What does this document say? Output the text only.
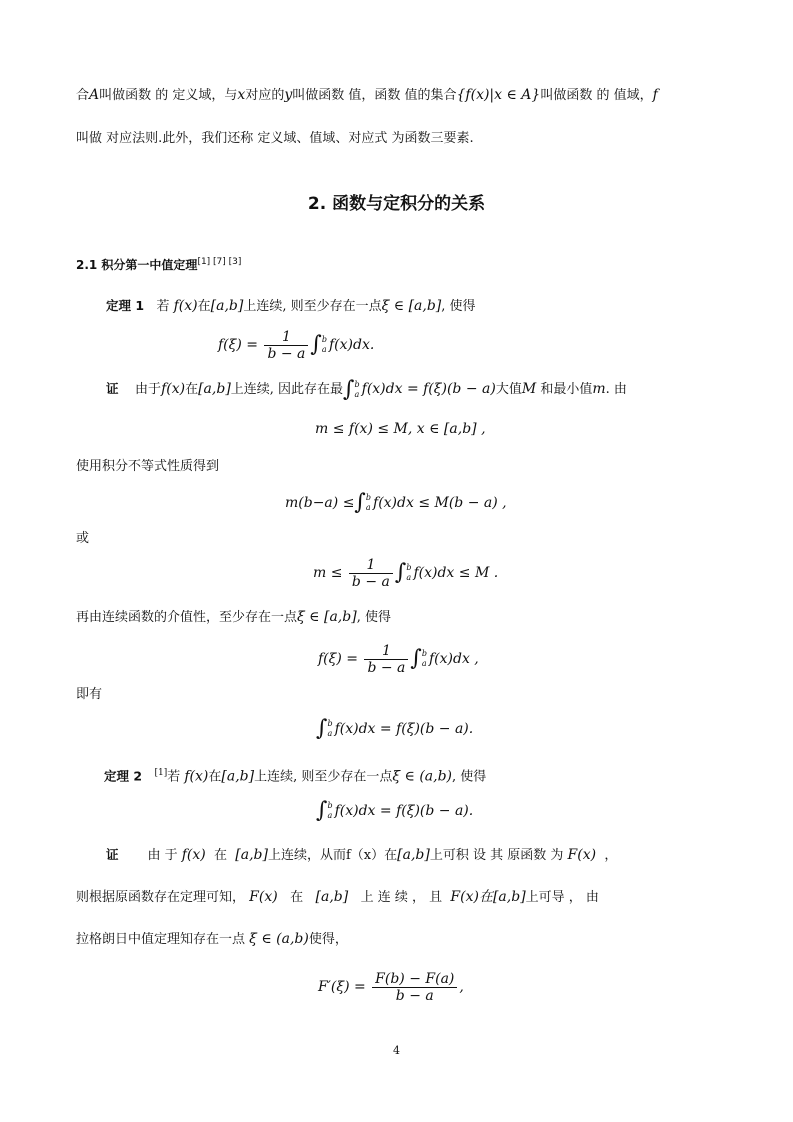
合A叫做函数 的 定义域，与x对应的y叫做函数 值，函数 值的集合{f(x)|x ∈ A}叫做函数 的 值域，f
叫做 对应法则.此外，我们还称 定义域、值域、对应式 为函数三要素.
2. 函数与定积分的关系
2.1 积分第一中值定理[1] [7] [3]
定理 1 若 f(x)在[a,b]上连续, 则至少存在一点ξ ∈ [a,b], 使得
$f(\xi) = \frac{1}{b - a}$ ∫ b
a f(x)dx.
证 由于f(x)在[a,b]上连续, 因此存在最∫ b
a f(x)dx = f(ξ)(b − a)大值M 和最小值m. 由
m ≤ f(x) ≤ M, x ∈ [a,b] ,
使用积分不等式性质得到
m(b−a) ≤∫ b
a f(x)dx ≤ M(b − a) ,
或
$m \le \frac{1}{b - a}$ ∫ b
a f(x)dx ≤ M .
再由连续函数的介值性，至少存在一点ξ ∈ [a,b], 使得
$f(\xi) = \frac{1}{b - a}$ ∫ b
a f(x)dx ,
即有
∫ b
a f(x)dx = f(ξ)(b − a).
定理 2 [1]若 f(x)在[a,b]上连续, 则至少存在一点ξ ∈ (a,b), 使得
∫ b
a f(x)dx = f(ξ)(b − a).
证 由 于 f(x) 在 [a,b]上连续，从而f（x）在[a,b]上可积 设 其 原函数 为 F(x) ，
则根据原函数存在定理可知， F(x) 在 [a,b] 上 连 续 ， 且 F(x)在[a,b]上可导 ， 由
拉格朗日中值定理知存在一点 ξ ∈ (a,b)使得，
$F'(\xi) = \frac{F(b) - F(a)}{b - a}$ ,
4
